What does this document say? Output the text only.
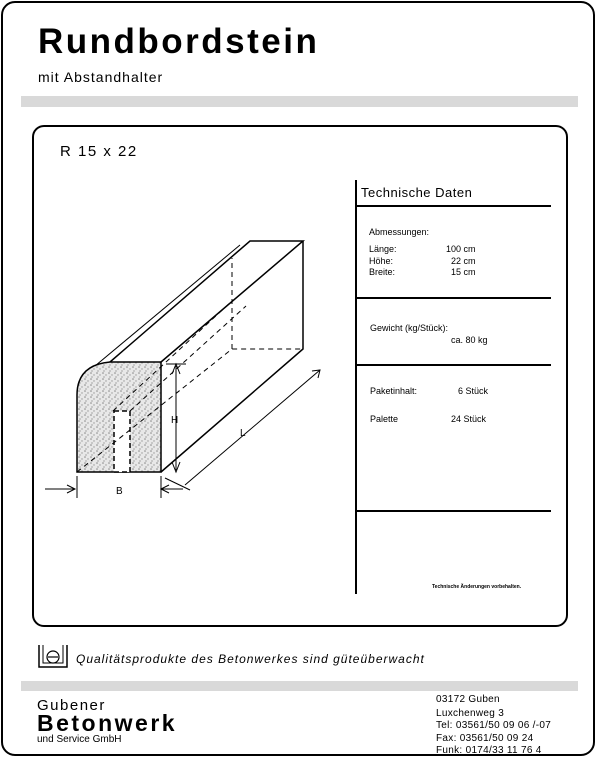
Rundbordstein
mit Abstandhalter
R 15 x 22
H
L
B
Technische Daten
Abmessungen:
Länge:	100 cm
Höhe:	22 cm
Breite:	15 cm
Gewicht (kg/Stück):
ca. 80 kg
Paketinhalt:	6 Stück
Palette	24 Stück
Technische Änderungen vorbehalten.
Qualitätsprodukte des Betonwerkes sind güteüberwacht
Gubener
Betonwerk
und Service GmbH
03172 Guben
Luxchenweg 3
Tel: 03561/50 09 06 /-07
Fax: 03561/50 09 24
Funk: 0174/33 11 76 4
